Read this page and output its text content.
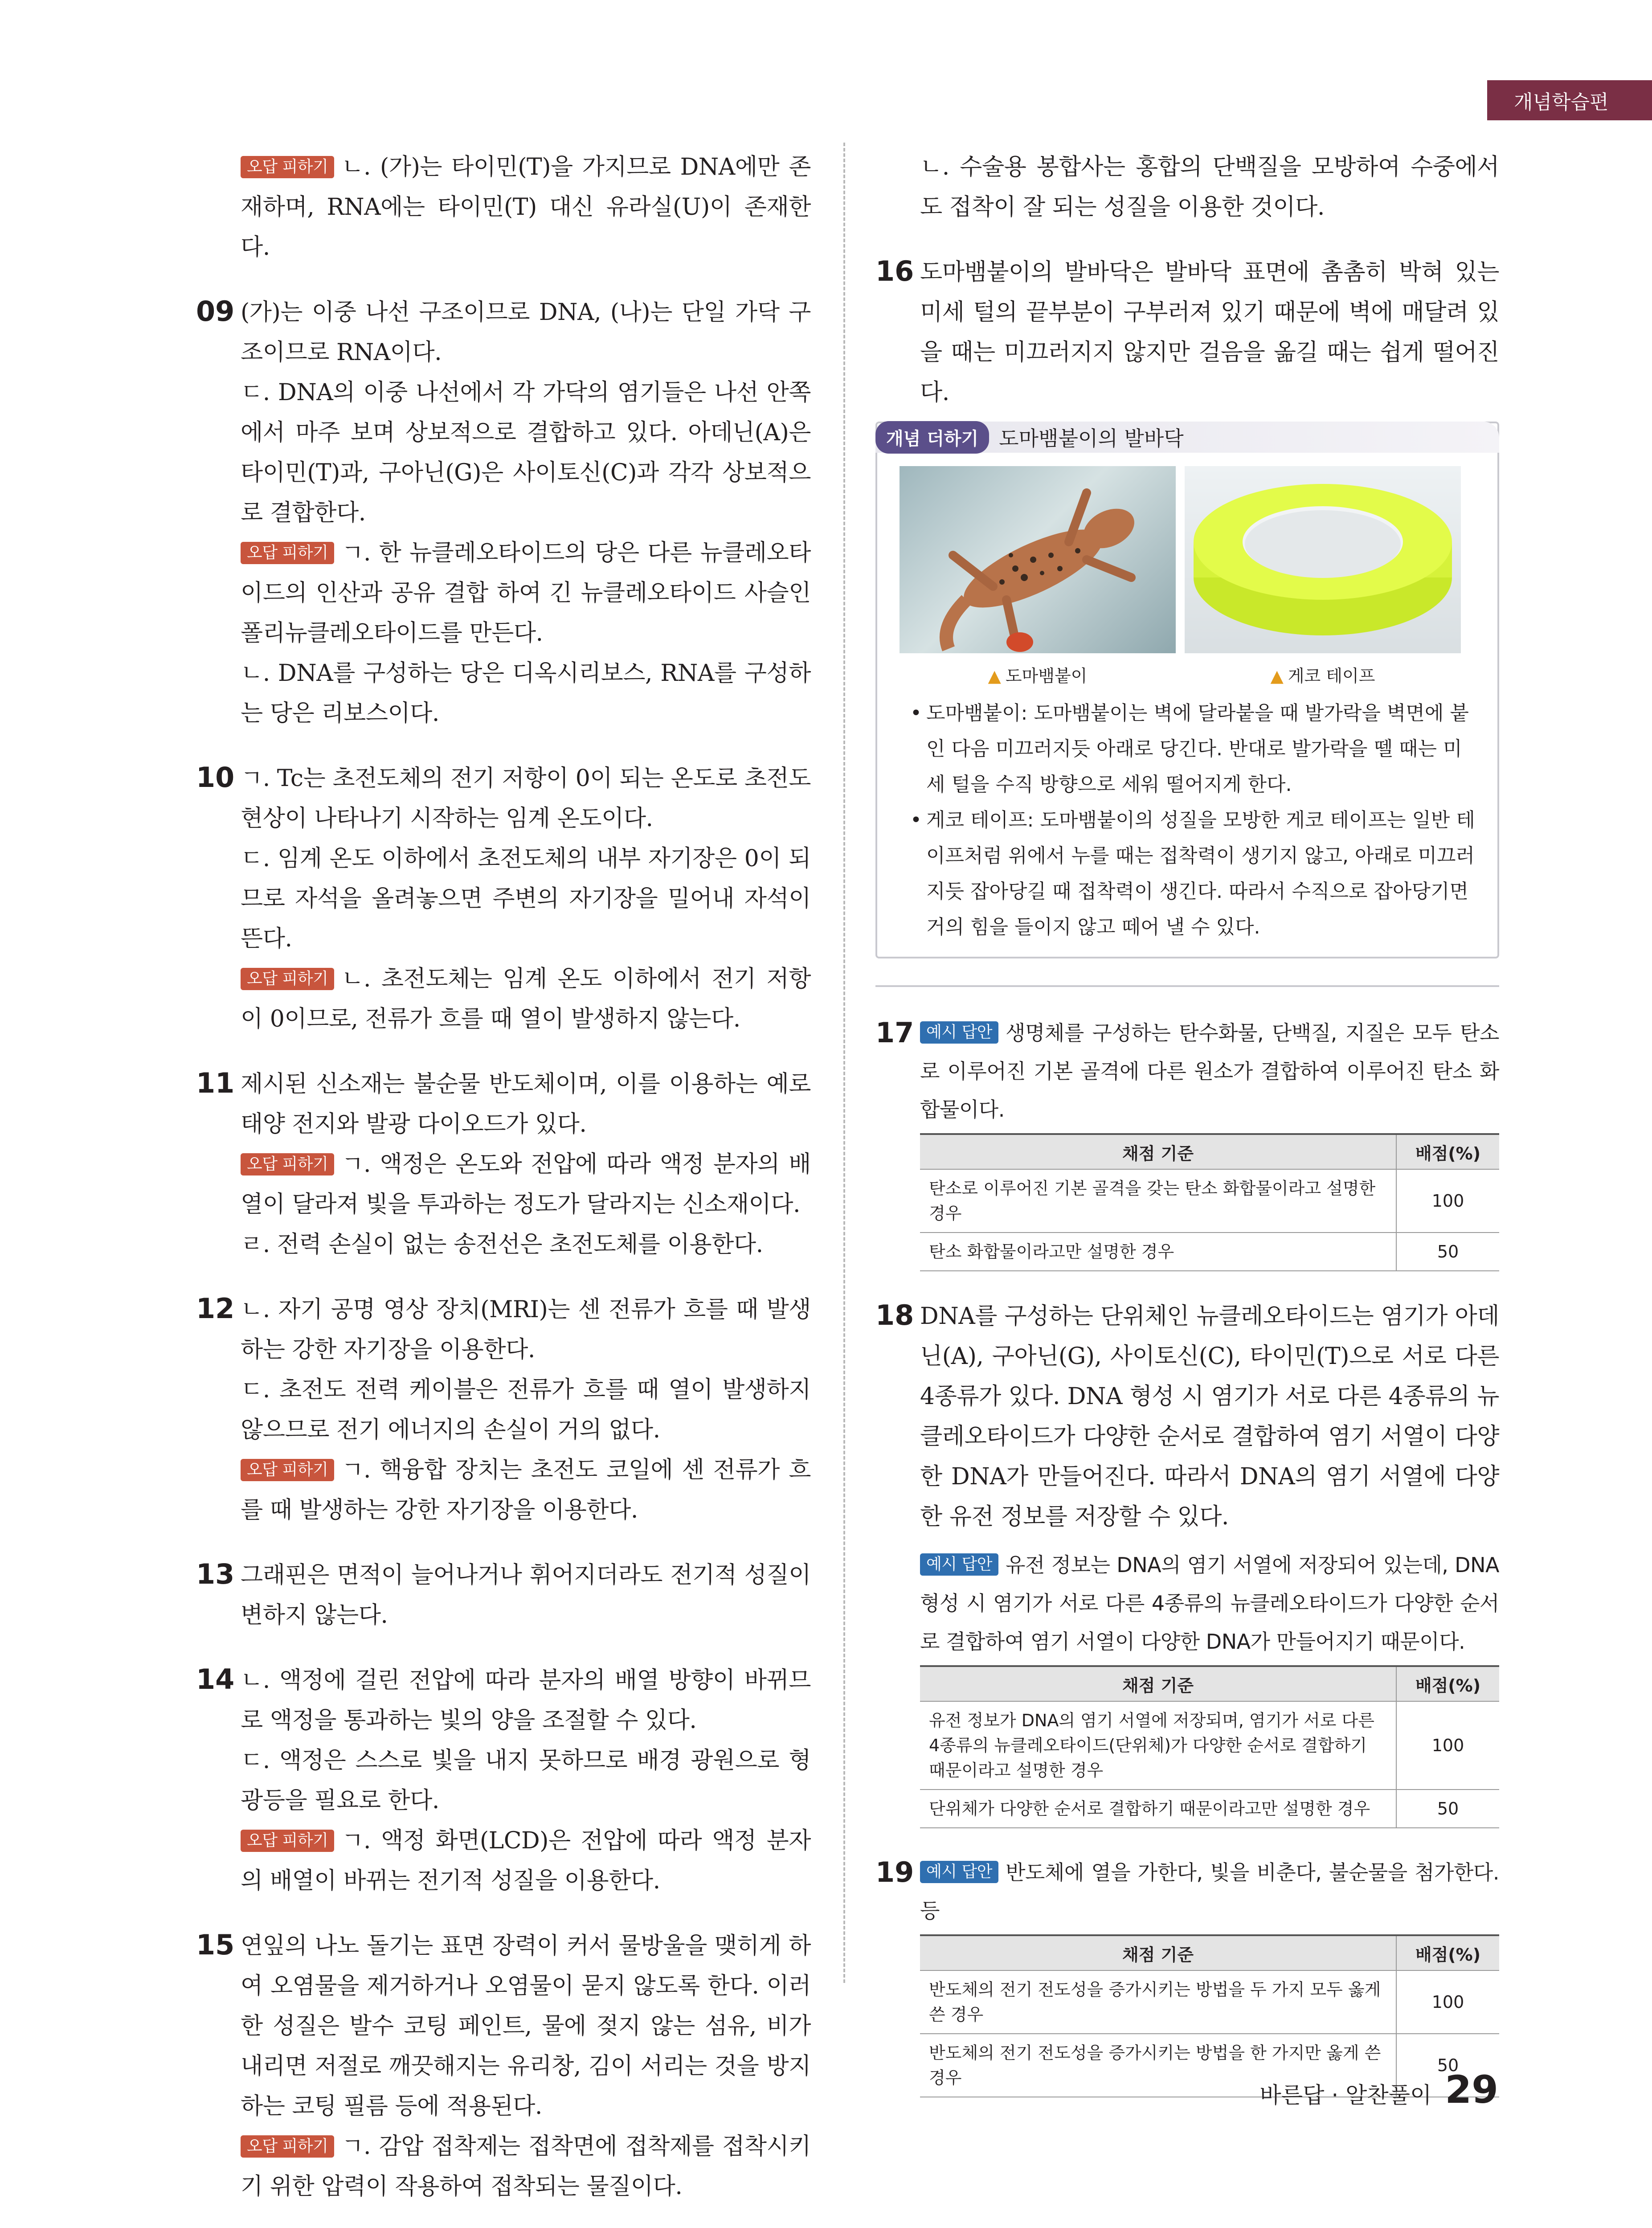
개념학습편

오답 피하기 ㄴ. (가)는 타이민(T)을 가지므로 DNA에만 존재하며, RNA에는 타이민(T) 대신 유라실(U)이 존재한다.

09 (가)는 이중 나선 구조이므로 DNA, (나)는 단일 가닥 구조이므로 RNA이다.

ㄷ. DNA의 이중 나선에서 각 가닥의 염기들은 나선 안쪽에서 마주 보며 상보적으로 결합하고 있다. 아데닌(A)은 타이민(T)과, 구아닌(G)은 사이토신(C)과 각각 상보적으로 결합한다.

오답 피하기 ㄱ. 한 뉴클레오타이드의 당은 다른 뉴클레오타이드의 인산과 공유 결합 하여 긴 뉴클레오타이드 사슬인 폴리뉴클레오타이드를 만든다.

ㄴ. DNA를 구성하는 당은 디옥시리보스, RNA를 구성하는 당은 리보스이다.

10 ㄱ. Tc는 초전도체의 전기 저항이 0이 되는 온도로 초전도 현상이 나타나기 시작하는 임계 온도이다.

ㄷ. 임계 온도 이하에서 초전도체의 내부 자기장은 0이 되므로 자석을 올려놓으면 주변의 자기장을 밀어내 자석이 뜬다.

오답 피하기 ㄴ. 초전도체는 임계 온도 이하에서 전기 저항이 0이므로, 전류가 흐를 때 열이 발생하지 않는다.

11 제시된 신소재는 불순물 반도체이며, 이를 이용하는 예로 태양 전지와 발광 다이오드가 있다.

오답 피하기 ㄱ. 액정은 온도와 전압에 따라 액정 분자의 배열이 달라져 빛을 투과하는 정도가 달라지는 신소재이다.

ㄹ. 전력 손실이 없는 송전선은 초전도체를 이용한다.

12 ㄴ. 자기 공명 영상 장치(MRI)는 센 전류가 흐를 때 발생하는 강한 자기장을 이용한다.

ㄷ. 초전도 전력 케이블은 전류가 흐를 때 열이 발생하지 않으므로 전기 에너지의 손실이 거의 없다.

오답 피하기 ㄱ. 핵융합 장치는 초전도 코일에 센 전류가 흐를 때 발생하는 강한 자기장을 이용한다.

13 그래핀은 면적이 늘어나거나 휘어지더라도 전기적 성질이 변하지 않는다.

14 ㄴ. 액정에 걸린 전압에 따라 분자의 배열 방향이 바뀌므로 액정을 통과하는 빛의 양을 조절할 수 있다.

ㄷ. 액정은 스스로 빛을 내지 못하므로 배경 광원으로 형광등을 필요로 한다.

오답 피하기 ㄱ. 액정 화면(LCD)은 전압에 따라 액정 분자의 배열이 바뀌는 전기적 성질을 이용한다.

15 연잎의 나노 돌기는 표면 장력이 커서 물방울을 맺히게 하여 오염물을 제거하거나 오염물이 묻지 않도록 한다. 이러한 성질은 발수 코팅 페인트, 물에 젖지 않는 섬유, 비가 내리면 저절로 깨끗해지는 유리창, 김이 서리는 것을 방지하는 코팅 필름 등에 적용된다.

오답 피하기 ㄱ. 감압 접착제는 접착면에 접착제를 접착시키기 위한 압력이 작용하여 접착되는 물질이다.

ㄴ. 수술용 봉합사는 홍합의 단백질을 모방하여 수중에서도 접착이 잘 되는 성질을 이용한 것이다.

16 도마뱀붙이의 발바닥은 발바닥 표면에 촘촘히 박혀 있는 미세 털의 끝부분이 구부러져 있기 때문에 벽에 매달려 있을 때는 미끄러지지 않지만 걸음을 옮길 때는 쉽게 떨어진다.

개념 더하기	도마뱀붙이의 발바닥
▲ 도마뱀붙이	▲ 게코 테이프
• 도마뱀붙이: 도마뱀붙이는 벽에 달라붙을 때 발가락을 벽면에 붙인 다음 미끄러지듯 아래로 당긴다. 반대로 발가락을 뗄 때는 미세 털을 수직 방향으로 세워 떨어지게 한다.
• 게코 테이프: 도마뱀붙이의 성질을 모방한 게코 테이프는 일반 테이프처럼 위에서 누를 때는 접착력이 생기지 않고, 아래로 미끄러지듯 잡아당길 때 접착력이 생긴다. 따라서 수직으로 잡아당기면 거의 힘을 들이지 않고 떼어 낼 수 있다.
17 예시 답안 생명체를 구성하는 탄수화물, 단백질, 지질은 모두 탄소로 이루어진 기본 골격에 다른 원소가 결합하여 이루어진 탄소 화합물이다.

채점 기준	배점(%)
탄소로 이루어진 기본 골격을 갖는 탄소 화합물이라고 설명한 경우	100
탄소 화합물이라고만 설명한 경우	50
18 DNA를 구성하는 단위체인 뉴클레오타이드는 염기가 아데닌(A), 구아닌(G), 사이토신(C), 타이민(T)으로 서로 다른 4종류가 있다. DNA 형성 시 염기가 서로 다른 4종류의 뉴클레오타이드가 다양한 순서로 결합하여 염기 서열이 다양한 DNA가 만들어진다. 따라서 DNA의 염기 서열에 다양한 유전 정보를 저장할 수 있다.

예시 답안 유전 정보는 DNA의 염기 서열에 저장되어 있는데, DNA 형성 시 염기가 서로 다른 4종류의 뉴클레오타이드가 다양한 순서로 결합하여 염기 서열이 다양한 DNA가 만들어지기 때문이다.

채점 기준	배점(%)
유전 정보가 DNA의 염기 서열에 저장되며, 염기가 서로 다른 4종류의 뉴클레오타이드(단위체)가 다양한 순서로 결합하기 때문이라고 설명한 경우	100
단위체가 다양한 순서로 결합하기 때문이라고만 설명한 경우	50
19 예시 답안 반도체에 열을 가한다, 빛을 비춘다, 불순물을 첨가한다. 등

채점 기준	배점(%)
반도체의 전기 전도성을 증가시키는 방법을 두 가지 모두 옳게 쓴 경우	100
반도체의 전기 전도성을 증가시키는 방법을 한 가지만 옳게 쓴 경우	50
바른답 · 알찬풀이 29
